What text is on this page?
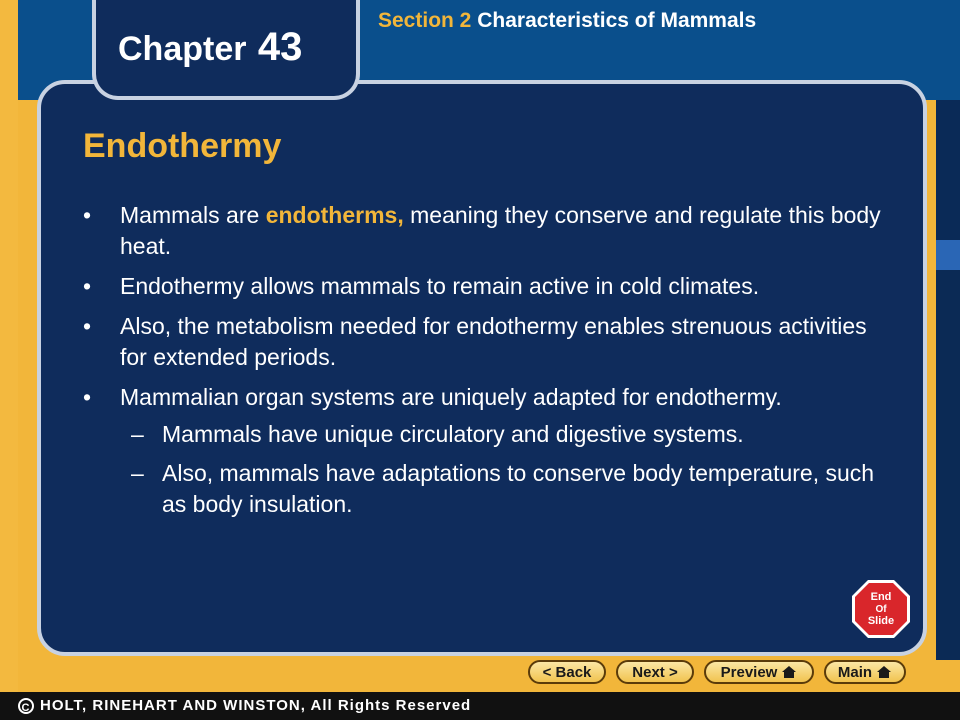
Chapter 43
Section 2 Characteristics of Mammals
Endothermy
• Mammals are endotherms, meaning they conserve and regulate this body heat.
• Endothermy allows mammals to remain active in cold climates.
• Also, the metabolism needed for endothermy enables strenuous activities for extended periods.
• Mammalian organ systems are uniquely adapted for endothermy.
– Mammals have unique circulatory and digestive systems.
– Also, mammals have adaptations to conserve body temperature, such as body insulation.
End
Of
Slide
< Back	Next >	Preview	Main
C HOLT, RINEHART AND WINSTON, All Rights Reserved
